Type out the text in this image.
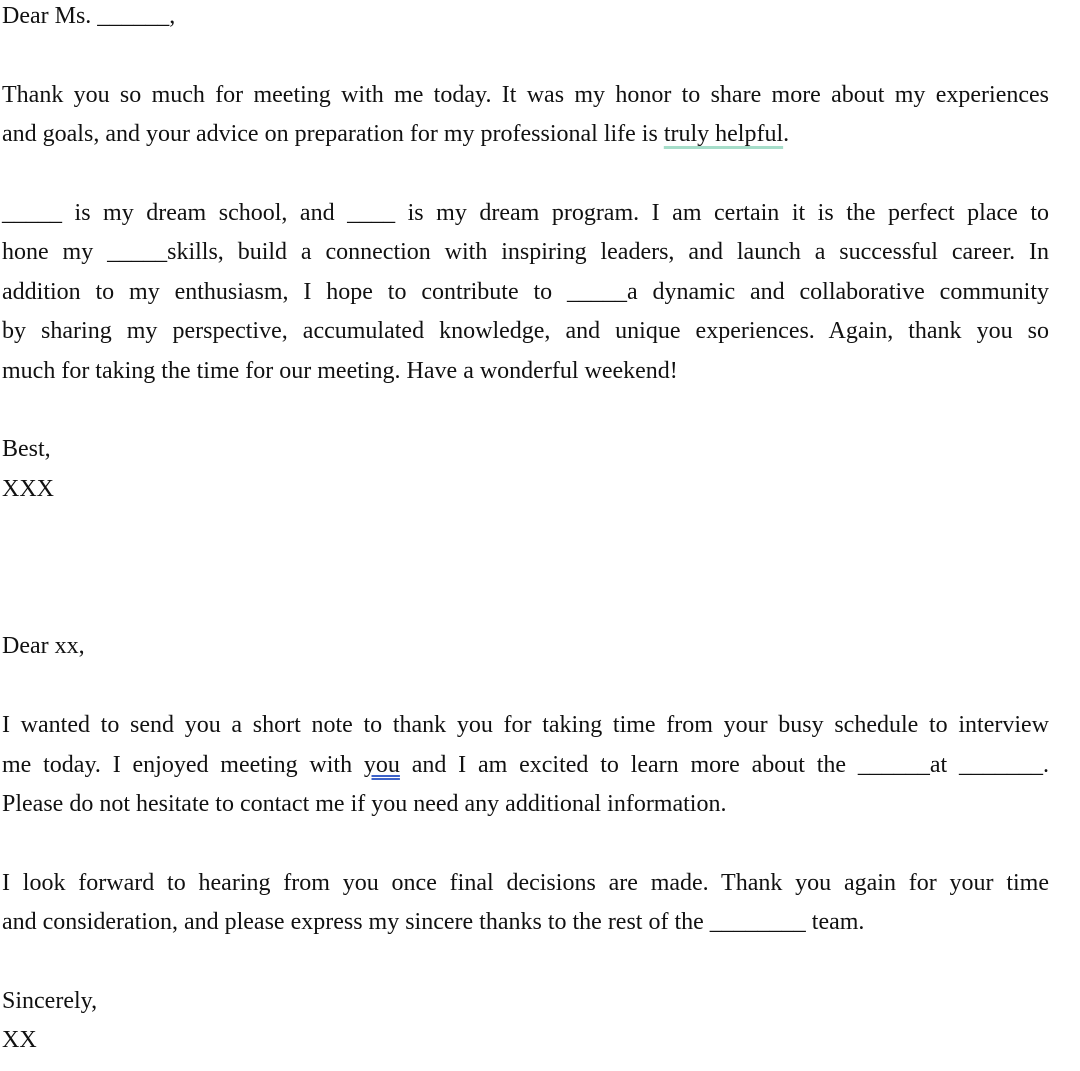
Dear Ms. ______,
Thank you so much for meeting with me today. It was my honor to share more about my experiences
and goals, and your advice on preparation for my professional life is truly helpful.
_____ is my dream school, and ____ is my dream program. I am certain it is the perfect place to
hone my _____skills, build a connection with inspiring leaders, and launch a successful career. In
addition to my enthusiasm, I hope to contribute to _____a dynamic and collaborative community
by sharing my perspective, accumulated knowledge, and unique experiences. Again, thank you so
much for taking the time for our meeting. Have a wonderful weekend!
Best,
XXX
Dear xx,
I wanted to send you a short note to thank you for taking time from your busy schedule to interview
me today. I enjoyed meeting with you and I am excited to learn more about the ______at _______.
Please do not hesitate to contact me if you need any additional information.
I look forward to hearing from you once final decisions are made. Thank you again for your time
and consideration, and please express my sincere thanks to the rest of the ________ team.
Sincerely,
XX
